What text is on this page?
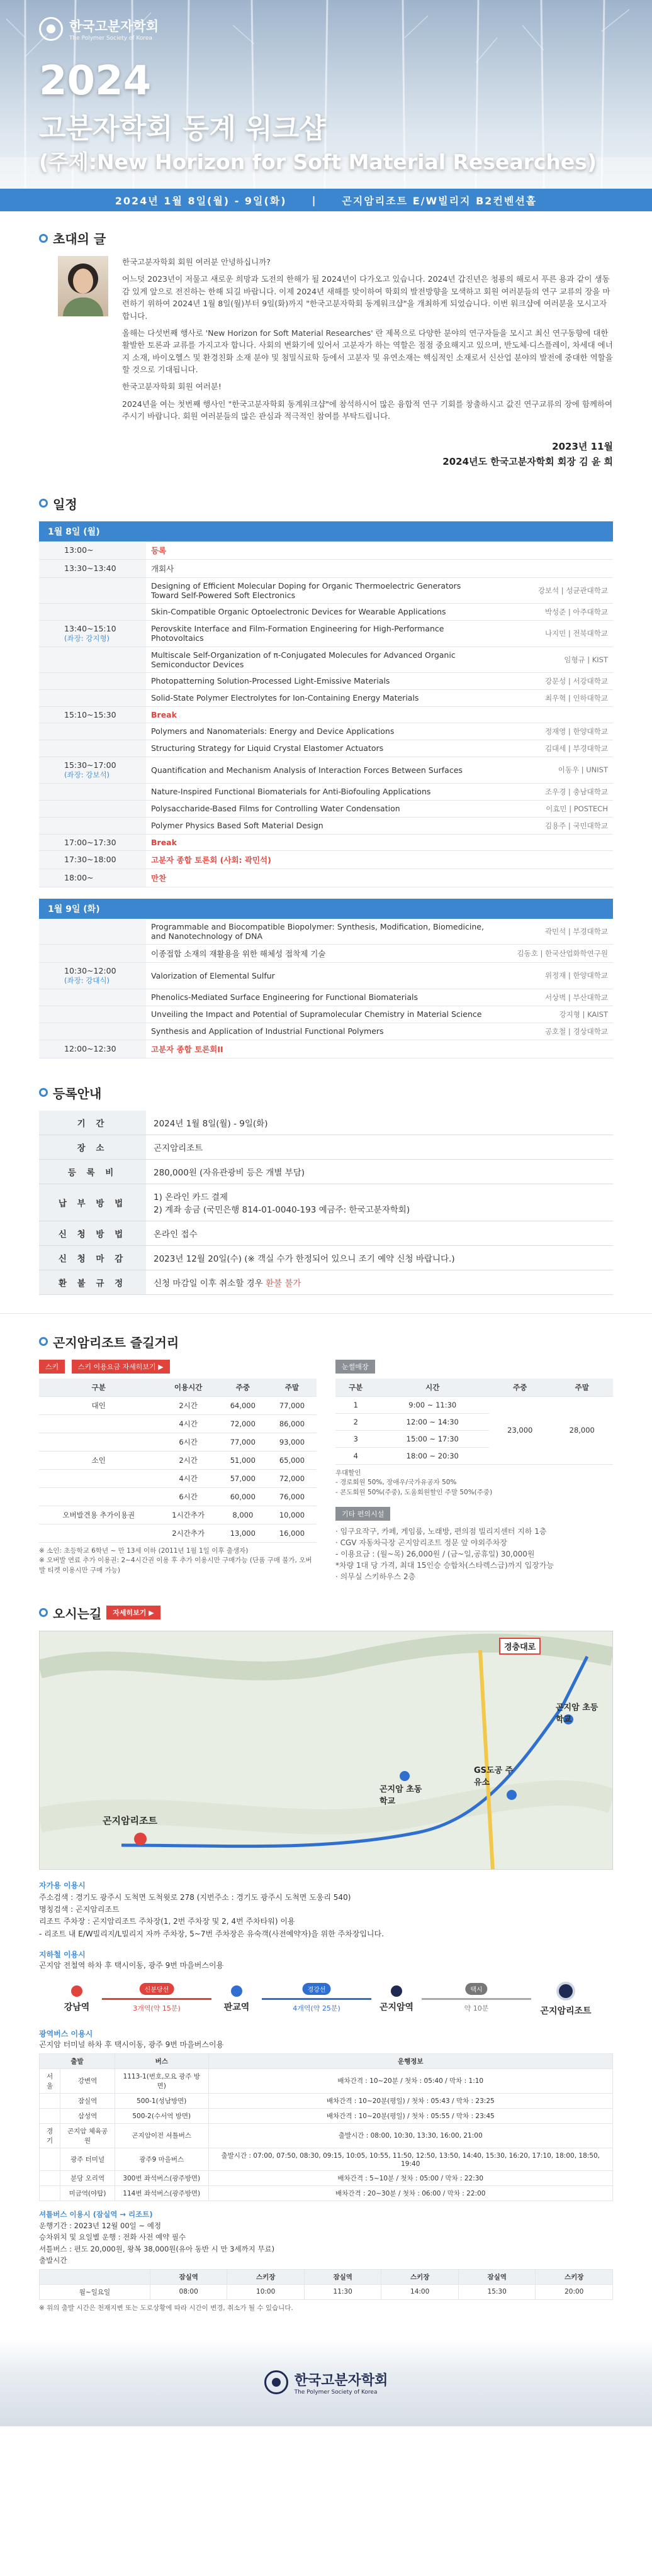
한국고분자학회
The Polymer Society of Korea
2024
고분자학회 동계 워크샵
(주제:New Horizon for Soft Material Researches)
2024년 1월 8일(월) - 9일(화)	|	곤지암리조트 E/W빌리지 B2컨벤션홀
초대의 글

한국고분자학회 회원 여러분 안녕하십니까?

어느덧 2023년이 저물고 새로운 희망과 도전의 한해가 될 2024년이 다가오고 있습니다. 2024년 갑진년은 청룡의 해로서 푸른 용과 같이 생동감 있게 앞으로 전진하는 한해 되길 바랍니다. 이제 2024년 새해를 맞이하여 학회의 발전방향을 모색하고 회원 여러분들의 연구 교류의 장을 마련하기 위하여 2024년 1월 8일(월)부터 9일(화)까지 "한국고분자학회 동계워크샵"을 개최하게 되었습니다. 이번 워크샵에 여러분을 모시고자 합니다.

올해는 다섯번째 행사로 'New Horizon for Soft Material Researches' 란 제목으로 다양한 분야의 연구자들을 모시고 최신 연구동향에 대한 활발한 토론과 교류를 가지고자 합니다. 사회의 변화기에 있어서 고분자가 하는 역할은 점점 중요해지고 있으며, 반도체·디스플레이, 차세대 에너지 소재, 바이오헬스 및 환경친화 소재 분야 및 첨밀식료학 등에서 고분자 및 유연소재는 핵심적인 소재로서 신산업 분야의 발전에 중대한 역할을 할 것으로 기대됩니다.

한국고분자학회 회원 여러분!

2024년을 여는 첫번째 행사인 "한국고분자학회 동계워크샵"에 참석하시어 많은 융합적 연구 기회를 창출하시고 값진 연구교류의 장에 함께하여 주시기 바랍니다. 회원 여러분들의 많은 관심과 적극적인 참여를 부탁드립니다.

2023년 11월
2024년도 한국고분자학회 회장 김 윤 희
일정
1월 8일 (월)
13:00~	등록	
13:30~13:40	개회사	
	Designing of Efficient Molecular Doping for Organic Thermoelectric Generators Toward Self-Powered Soft Electronics	강보석 | 성균관대학교
	Skin-Compatible Organic Optoelectronic Devices for Wearable Applications	박성준 | 아주대학교
13:40~15:10
(좌장: 강지형)	Perovskite Interface and Film-Formation Engineering for High-Performance Photovoltaics	나지민 | 전북대학교
	Multiscale Self-Organization of π-Conjugated Molecules for Advanced Organic Semiconductor Devices	임형규 | KIST
	Photopatterning Solution-Processed Light-Emissive Materials	강문성 | 서강대학교
	Solid-State Polymer Electrolytes for Ion-Containing Energy Materials	최우혁 | 인하대학교
15:10~15:30	Break	
	Polymers and Nanomaterials: Energy and Device Applications	정재영 | 한양대학교
	Structuring Strategy for Liquid Crystal Elastomer Actuators	김대세 | 부경대학교
15:30~17:00
(좌장: 강보석)	Quantification and Mechanism Analysis of Interaction Forces Between Surfaces	이동우 | UNIST
	Nature-Inspired Functional Biomaterials for Anti-Biofouling Applications	조우경 | 충남대학교
	Polysaccharide-Based Films for Controlling Water Condensation	이효민 | POSTECH
	Polymer Physics Based Soft Material Design	김용주 | 국민대학교
17:00~17:30	Break	
17:30~18:00	고분자 종합 토론회 (사회: 곽민석)	
18:00~	만찬	
1월 9일 (화)
	Programmable and Biocompatible Biopolymer: Synthesis, Modification, Biomedicine, and Nanotechnology of DNA	곽민석 | 부경대학교
	이종접합 소재의 재활용을 위한 해체성 접착제 기술	김동호 | 한국산업화학연구원
10:30~12:00
(좌장: 강대식)	Valorization of Elemental Sulfur	위정재 | 한양대학교
	Phenolics-Mediated Surface Engineering for Functional Biomaterials	서상벽 | 부산대학교
	Unveiling the Impact and Potential of Supramolecular Chemistry in Material Science	강지형 | KAIST
	Synthesis and Application of Industrial Functional Polymers	공호철 | 경상대학교
12:00~12:30	고분자 종합 토론회II	
등록안내
기 간	2024년 1월 8일(월) - 9일(화)
장 소	곤지암리조트
등 록 비	280,000원 (자유관광비 등은 개별 부담)
납 부 방 법	1) 온라인 카드 결제
2) 계좌 송금 (국민은행 814-01-0040-193 예금주: 한국고분자학회)
신 청 방 법	온라인 접수
신 청 마 감	2023년 12월 20일(수) (※ 객실 수가 한정되어 있으니 조기 예약 신청 바랍니다.)
환 불 규 정	신청 마감일 이후 취소할 경우 환불 불가
곤지암리조트 즐길거리
스키	스키 이용요금 자세히보기 ▶
구분	이용시간	주중	주말
대인	2시간	64,000	77,000
	4시간	72,000	86,000
	6시간	77,000	93,000
소인	2시간	51,000	65,000
	4시간	57,000	72,000
	6시간	60,000	76,000
오버발견용 추가이용권	1시간추가	8,000	10,000
	2시간추가	13,000	16,000
※ 소인: 초등학교 6학년 ~ 만 13세 이하 (2011년 1월 1일 이후 출생자)
※ 오버발 연료 추가 이용권: 2~4시간권 이용 후 추가 이용시만 구매가능 (단품 구매 불가, 오버발 티켓 이용시만 구매 가능)
눈썰매장
구분	시간	주중	주말
1	9:00 ~ 11:30	23,000	28,000
2	12:00 ~ 14:30		
3	15:00 ~ 17:30		
4	18:00 ~ 20:30		
우대할인
- 경로회원 50%, 장애우/국가유공자 50%
- 콘도회원 50%(주중), 도움회원할인 주말 50%(주중)
기타 편의시설
· 임구요작구, 카페, 게임룸, 노래방, 편의점 빌리지센터 지하 1층
· CGV 자동차극장 곤지암리조트 정문 앞 야외주차장
- 이용요금 : (월~목) 26,000원 / (금~일,공휴일) 30,000원
*차량 1대 당 가격, 최대 15인승 승합차(스타렉스급)까지 입장가능
· 의무실 스키하우스 2층
오시는길	자세히보기 ▶
곤지암리조트
GS도공 주유소
곤지암 초동학교
곤지암 초등학교
경충대로
자가용 이용시
주소검색 : 경기도 광주시 도척면 도척윗로 278 (지번주소 : 경기도 광주시 도척면 도웅리 540)
명칭검색 : 곤지암리조트
리조트 주차장 : 곤지암리조트 주차장(1, 2번 주차장 및 2, 4번 주차타워) 이용
- 리조트 내 E/W빌리지/L빌리지 자까 주차장, 5~7번 주차장은 유숙객(사전예약자)을 위한 주차장입니다.
지하철 이용시
곤지암 전철역 하차 후 택시이동, 광주 9번 마을버스이용
강남역
신분당선
3개역(약 15분)	판교역
경강선
4개역(약 25분)	곤지암역
택시
약 10분	곤지암리조트
광역버스 이용시
곤지암 터미널 하차 후 택시이동, 광주 9번 마을버스이용
출발		버스	운행정보
서울	강변역	1113-1(번호,모요 광주 방면)	배차간격 : 10~20분 / 첫차 : 05:40 / 막차 : 1:10
	잠실역	500-1(성남방면)	배차간격 : 10~20분(평일) / 첫차 : 05:43 / 막차 : 23:25
	삼성역	500-2(수서역 방면)	배차간격 : 10~20분(평일) / 첫차 : 05:55 / 막차 : 23:45
경기	곤지암 체육공원	곤지암이전 셔틀버스	출발시간 : 08:00, 10:30, 13:30, 16:00, 21:00
	광주 터미널	광주9 마을버스	출발시간 : 07:00, 07:50, 08:30, 09:15, 10:05, 10:55, 11:50, 12:50, 13:50, 14:40, 15:30, 16:20, 17:10, 18:00, 18:50, 19:40
	분당 오리역	300번 좌석버스(광주방면)	배차간격 : 5~10분 / 첫차 : 05:00 / 막차 : 22:30
	미금역(야탑)	114번 좌석버스(광주방면)	배차간격 : 20~30분 / 첫차 : 06:00 / 막차 : 22:00
셔틀버스 이용시 (잠실역 → 리조트)
운행기간 : 2023년 12월 00일 ~ 예정
승차위치 및 요일별 운행 : 전화 사전 예약 필수
셔틀버스 : 편도 20,000원, 왕복 38,000원(유아 동반 시 만 3세까지 무료)
출발시간
	잠실역	스키장	잠실역	스키장	잠실역	스키장
월~일요일	08:00	10:00	11:30	14:00	15:30	20:00
※ 위의 출발 시간은 천재지변 또는 도로상황에 따라 시간이 변경, 취소가 될 수 있습니다.
한국고분자학회
The Polymer Society of Korea
